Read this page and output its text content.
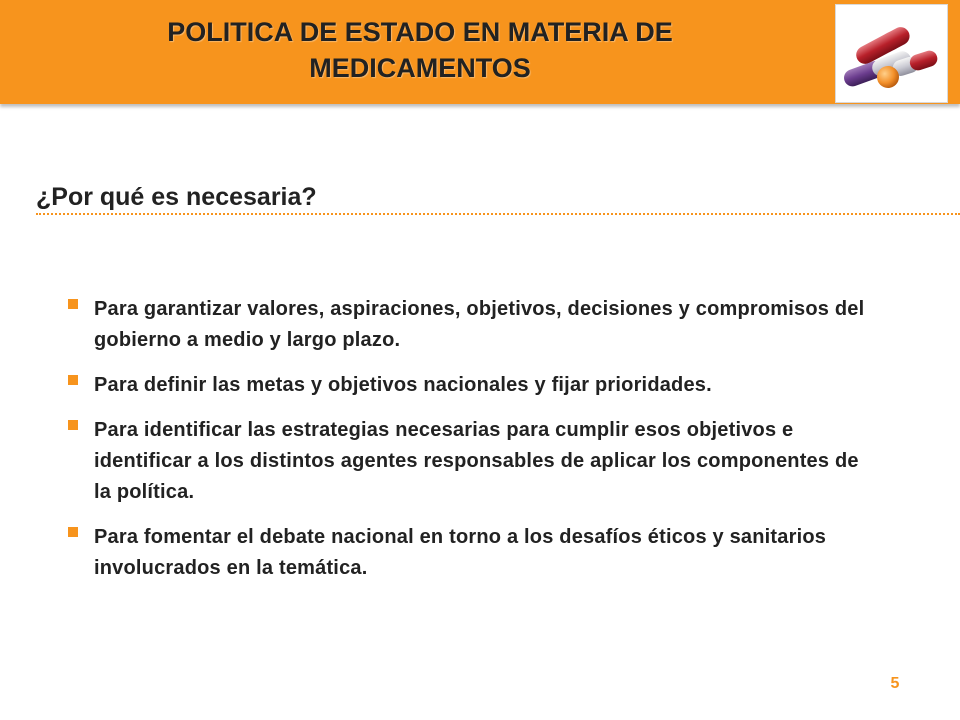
POLITICA DE ESTADO EN MATERIA DE
MEDICAMENTOS
¿Por qué es necesaria?
Para garantizar valores, aspiraciones, objetivos, decisiones y compromisos del gobierno a medio y largo plazo.
Para definir las metas y objetivos nacionales y fijar prioridades.
Para identificar las estrategias necesarias para cumplir esos objetivos e identificar a los distintos agentes responsables de aplicar los componentes de la política.
Para fomentar el debate nacional en torno a los desafíos éticos y sanitarios involucrados en la temática.
5
